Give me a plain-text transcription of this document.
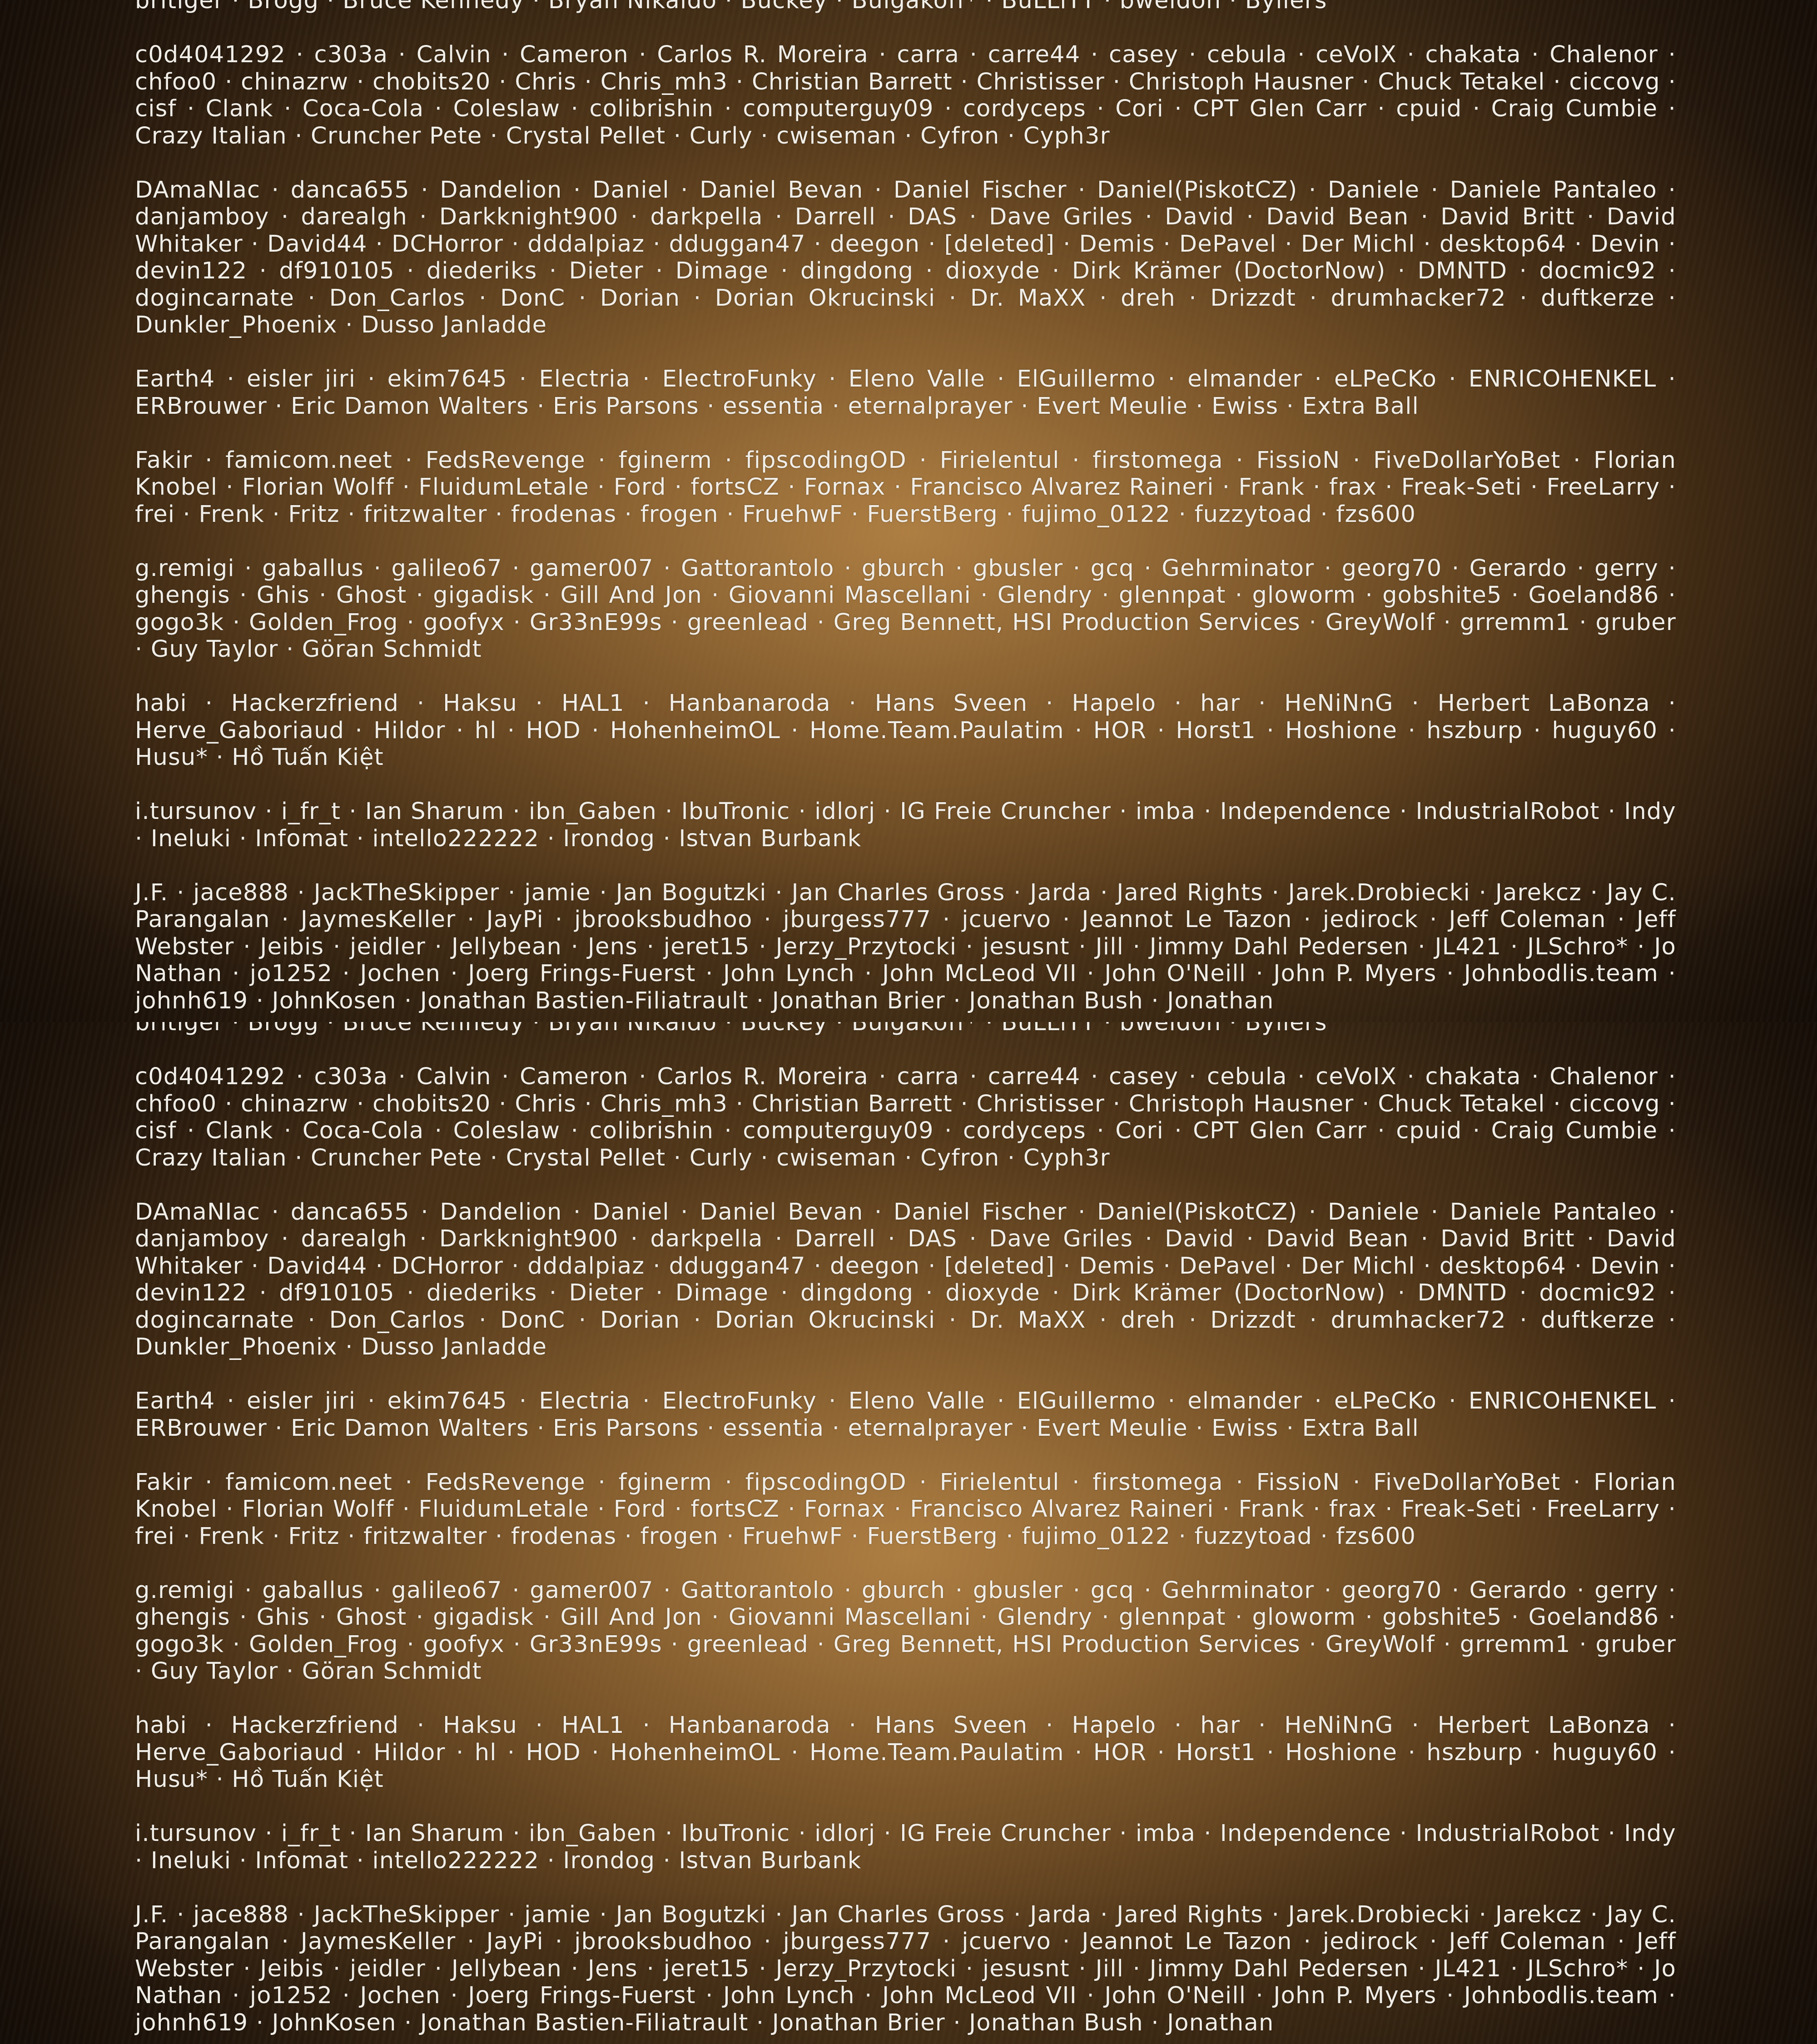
britiger · Brogg · Bruce Kennedy · Bryan Nikaido · Buckey · Bulgakoff* · BuLLiTT · bweldon · Byllers
c0d4041292 · c303a · Calvin · Cameron · Carlos R. Moreira · carra · carre44 · casey · cebula · ceVoIX · chakata · Chalenor · chfoo0 · chinazrw · chobits20 · Chris · Chris_mh3 · Christian Barrett · Christisser · Christoph Hausner · Chuck Tetakel · ciccovg · cisf · Clank · Coca-Cola · Coleslaw · colibrishin · computerguy09 · cordyceps · Cori · CPT Glen Carr · cpuid · Craig Cumbie · Crazy Italian · Cruncher Pete · Crystal Pellet · Curly · cwiseman · Cyfron · Cyph3r
DAmaNIac · danca655 · Dandelion · Daniel · Daniel Bevan · Daniel Fischer · Daniel(PiskotCZ) · Daniele · Daniele Pantaleo · danjamboy · darealgh · Darkknight900 · darkpella · Darrell · DAS · Dave Griles · David · David Bean · David Britt · David Whitaker · David44 · DCHorror · dddalpiaz · dduggan47 · deegon · [deleted] · Demis · DePavel · Der Michl · desktop64 · Devin · devin122 · df910105 · diederiks · Dieter · Dimage · dingdong · dioxyde · Dirk Krämer (DoctorNow) · DMNTD · docmic92 · dogincarnate · Don_Carlos · DonC · Dorian · Dorian Okrucinski · Dr. MaXX · dreh · Drizzdt · drumhacker72 · duftkerze · Dunkler_Phoenix · Dusso Janladde
Earth4 · eisler jiri · ekim7645 · Electria · ElectroFunky · Eleno Valle · ElGuillermo · elmander · eLPeCKo · ENRICOHENKEL · ERBrouwer · Eric Damon Walters · Eris Parsons · essentia · eternalprayer · Evert Meulie · Ewiss · Extra Ball
Fakir · famicom.neet · FedsRevenge · fginerm · fipscodingOD · Firielentul · firstomega · FissioN · FiveDollarYoBet · Florian Knobel · Florian Wolff · FluidumLetale · Ford · fortsCZ · Fornax · Francisco Alvarez Raineri · Frank · frax · Freak-Seti · FreeLarry · frei · Frenk · Fritz · fritzwalter · frodenas · frogen · FruehwF · FuerstBerg · fujimo_0122 · fuzzytoad · fzs600
g.remigi · gaballus · galileo67 · gamer007 · Gattorantolo · gburch · gbusler · gcq · Gehrminator · georg70 · Gerardo · gerry · ghengis · Ghis · Ghost · gigadisk · Gill And Jon · Giovanni Mascellani · Glendry · glennpat · gloworm · gobshite5 · Goeland86 · gogo3k · Golden_Frog · goofyx · Gr33nE99s · greenlead · Greg Bennett, HSI Production Services · GreyWolf · grremm1 · gruber · Guy Taylor · Göran Schmidt
habi · Hackerzfriend · Haksu · HAL1 · Hanbanaroda · Hans Sveen · Hapelo · har · HeNiNnG · Herbert LaBonza · Herve_Gaboriaud · Hildor · hl · HOD · HohenheimOL · Home.Team.Paulatim · HOR · Horst1 · Hoshione · hszburp · huguy60 · Husu* · Hồ Tuấn Kiệt
i.tursunov · i_fr_t · Ian Sharum · ibn_Gaben · IbuTronic · idlorj · IG Freie Cruncher · imba · Independence · IndustrialRobot · Indy · Ineluki · Infomat · intello222222 · Irondog · Istvan Burbank
J.F. · jace888 · JackTheSkipper · jamie · Jan Bogutzki · Jan Charles Gross · Jarda · Jared Rights · Jarek.Drobiecki · Jarekcz · Jay C. Parangalan · JaymesKeller · JayPi · jbrooksbudhoo · jburgess777 · jcuervo · Jeannot Le Tazon · jedirock · Jeff Coleman · Jeff Webster · Jeibis · jeidler · Jellybean · Jens · jeret15 · Jerzy_Przytocki · jesusnt · Jill · Jimmy Dahl Pedersen · JL421 · JLSchro* · Jo Nathan · jo1252 · Jochen · Joerg Frings-Fuerst · John Lynch · John McLeod VII · John O'Neill · John P. Myers · Johnbodlis.team · johnh619 · JohnKosen · Jonathan Bastien-Filiatrault · Jonathan Brier · Jonathan Bush · Jonathan
britiger · Brogg · Bruce Kennedy · Bryan Nikaido · Buckey · Bulgakoff* · BuLLiTT · bweldon · Byllers
c0d4041292 · c303a · Calvin · Cameron · Carlos R. Moreira · carra · carre44 · casey · cebula · ceVoIX · chakata · Chalenor · chfoo0 · chinazrw · chobits20 · Chris · Chris_mh3 · Christian Barrett · Christisser · Christoph Hausner · Chuck Tetakel · ciccovg · cisf · Clank · Coca-Cola · Coleslaw · colibrishin · computerguy09 · cordyceps · Cori · CPT Glen Carr · cpuid · Craig Cumbie · Crazy Italian · Cruncher Pete · Crystal Pellet · Curly · cwiseman · Cyfron · Cyph3r
DAmaNIac · danca655 · Dandelion · Daniel · Daniel Bevan · Daniel Fischer · Daniel(PiskotCZ) · Daniele · Daniele Pantaleo · danjamboy · darealgh · Darkknight900 · darkpella · Darrell · DAS · Dave Griles · David · David Bean · David Britt · David Whitaker · David44 · DCHorror · dddalpiaz · dduggan47 · deegon · [deleted] · Demis · DePavel · Der Michl · desktop64 · Devin · devin122 · df910105 · diederiks · Dieter · Dimage · dingdong · dioxyde · Dirk Krämer (DoctorNow) · DMNTD · docmic92 · dogincarnate · Don_Carlos · DonC · Dorian · Dorian Okrucinski · Dr. MaXX · dreh · Drizzdt · drumhacker72 · duftkerze · Dunkler_Phoenix · Dusso Janladde
Earth4 · eisler jiri · ekim7645 · Electria · ElectroFunky · Eleno Valle · ElGuillermo · elmander · eLPeCKo · ENRICOHENKEL · ERBrouwer · Eric Damon Walters · Eris Parsons · essentia · eternalprayer · Evert Meulie · Ewiss · Extra Ball
Fakir · famicom.neet · FedsRevenge · fginerm · fipscodingOD · Firielentul · firstomega · FissioN · FiveDollarYoBet · Florian Knobel · Florian Wolff · FluidumLetale · Ford · fortsCZ · Fornax · Francisco Alvarez Raineri · Frank · frax · Freak-Seti · FreeLarry · frei · Frenk · Fritz · fritzwalter · frodenas · frogen · FruehwF · FuerstBerg · fujimo_0122 · fuzzytoad · fzs600
g.remigi · gaballus · galileo67 · gamer007 · Gattorantolo · gburch · gbusler · gcq · Gehrminator · georg70 · Gerardo · gerry · ghengis · Ghis · Ghost · gigadisk · Gill And Jon · Giovanni Mascellani · Glendry · glennpat · gloworm · gobshite5 · Goeland86 · gogo3k · Golden_Frog · goofyx · Gr33nE99s · greenlead · Greg Bennett, HSI Production Services · GreyWolf · grremm1 · gruber · Guy Taylor · Göran Schmidt
habi · Hackerzfriend · Haksu · HAL1 · Hanbanaroda · Hans Sveen · Hapelo · har · HeNiNnG · Herbert LaBonza · Herve_Gaboriaud · Hildor · hl · HOD · HohenheimOL · Home.Team.Paulatim · HOR · Horst1 · Hoshione · hszburp · huguy60 · Husu* · Hồ Tuấn Kiệt
i.tursunov · i_fr_t · Ian Sharum · ibn_Gaben · IbuTronic · idlorj · IG Freie Cruncher · imba · Independence · IndustrialRobot · Indy · Ineluki · Infomat · intello222222 · Irondog · Istvan Burbank
J.F. · jace888 · JackTheSkipper · jamie · Jan Bogutzki · Jan Charles Gross · Jarda · Jared Rights · Jarek.Drobiecki · Jarekcz · Jay C. Parangalan · JaymesKeller · JayPi · jbrooksbudhoo · jburgess777 · jcuervo · Jeannot Le Tazon · jedirock · Jeff Coleman · Jeff Webster · Jeibis · jeidler · Jellybean · Jens · jeret15 · Jerzy_Przytocki · jesusnt · Jill · Jimmy Dahl Pedersen · JL421 · JLSchro* · Jo Nathan · jo1252 · Jochen · Joerg Frings-Fuerst · John Lynch · John McLeod VII · John O'Neill · John P. Myers · Johnbodlis.team · johnh619 · JohnKosen · Jonathan Bastien-Filiatrault · Jonathan Brier · Jonathan Bush · Jonathan
